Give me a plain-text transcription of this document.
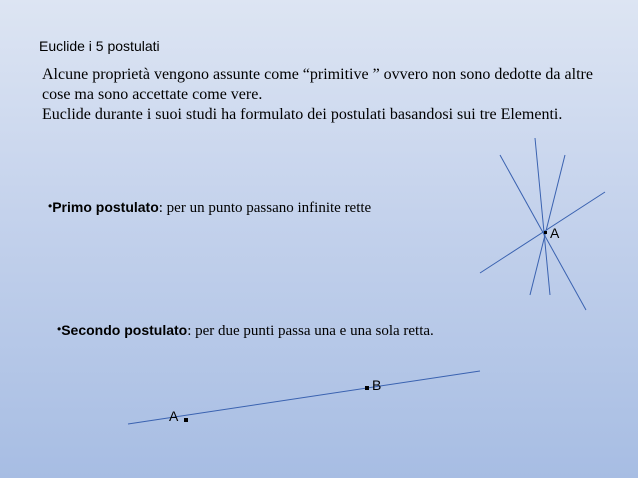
Euclide i 5 postulati

Alcune proprietà vengono assunte come “primitive ” ovvero non sono dedotte da altre cose ma sono accettate come vere.

Euclide durante i suoi studi ha formulato dei postulati basandosi sui tre Elementi.

•Primo postulato: per un punto passano infinite rette
•Secondo postulato: per due punti passa una e una sola retta.
A
B
A
